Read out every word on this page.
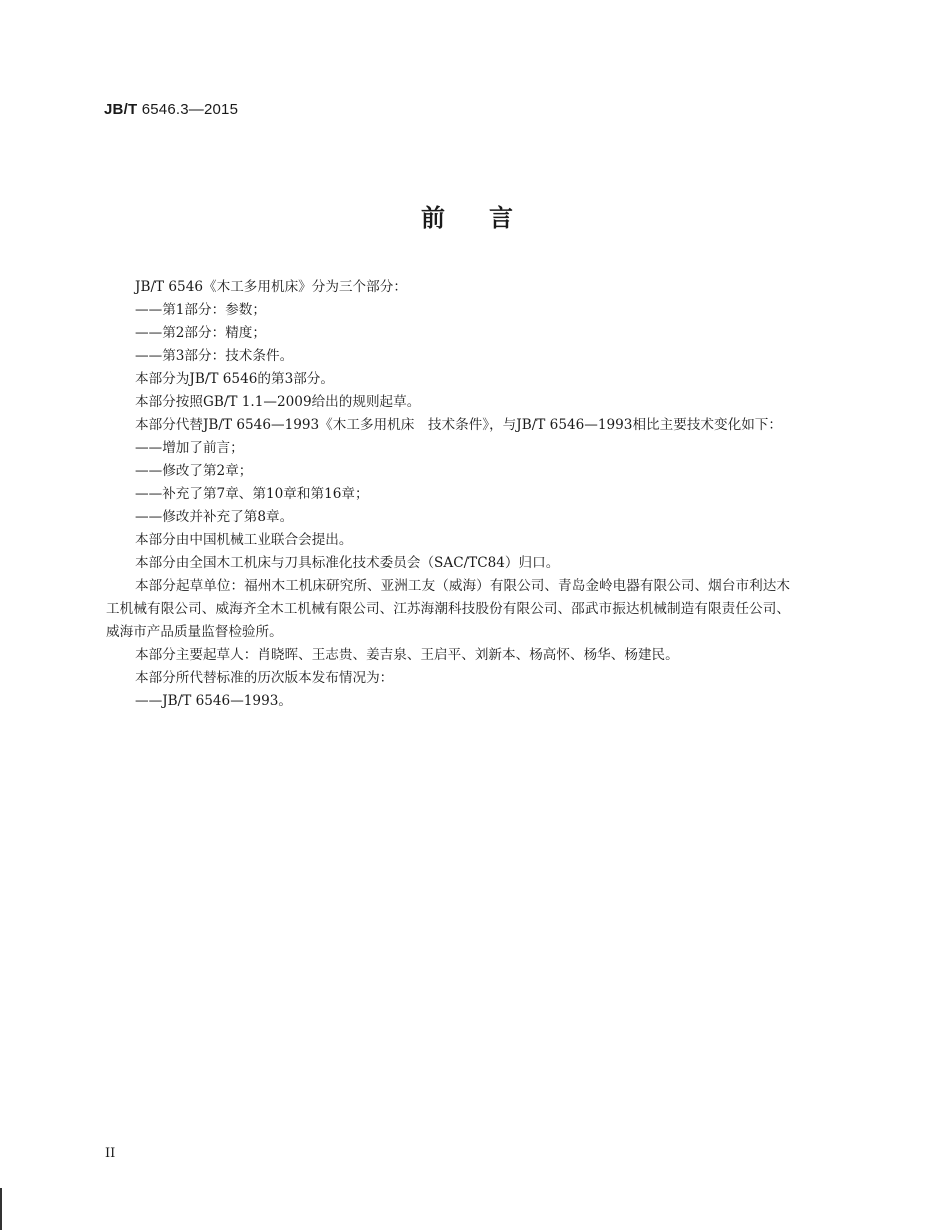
JB/T 6546.3—2015
前言

JB/T 6546《木工多用机床》分为三个部分：

——第1部分：参数；

——第2部分：精度；

——第3部分：技术条件。

本部分为JB/T 6546的第3部分。

本部分按照GB/T 1.1—2009给出的规则起草。

本部分代替JB/T 6546—1993《木工多用机床　技术条件》，与JB/T 6546—1993相比主要技术变化如下：

——增加了前言；

——修改了第2章；

——补充了第7章、第10章和第16章；

——修改并补充了第8章。

本部分由中国机械工业联合会提出。

本部分由全国木工机床与刀具标准化技术委员会（SAC/TC84）归口。

本部分起草单位：福州木工机床研究所、亚洲工友（威海）有限公司、青岛金岭电器有限公司、烟台市利达木工机械有限公司、威海齐全木工机械有限公司、江苏海潮科技股份有限公司、邵武市振达机械制造有限责任公司、威海市产品质量监督检验所。

本部分主要起草人：肖晓晖、王志贵、姜吉泉、王启平、刘新本、杨高怀、杨华、杨建民。

本部分所代替标准的历次版本发布情况为：

——JB/T 6546—1993。

II
